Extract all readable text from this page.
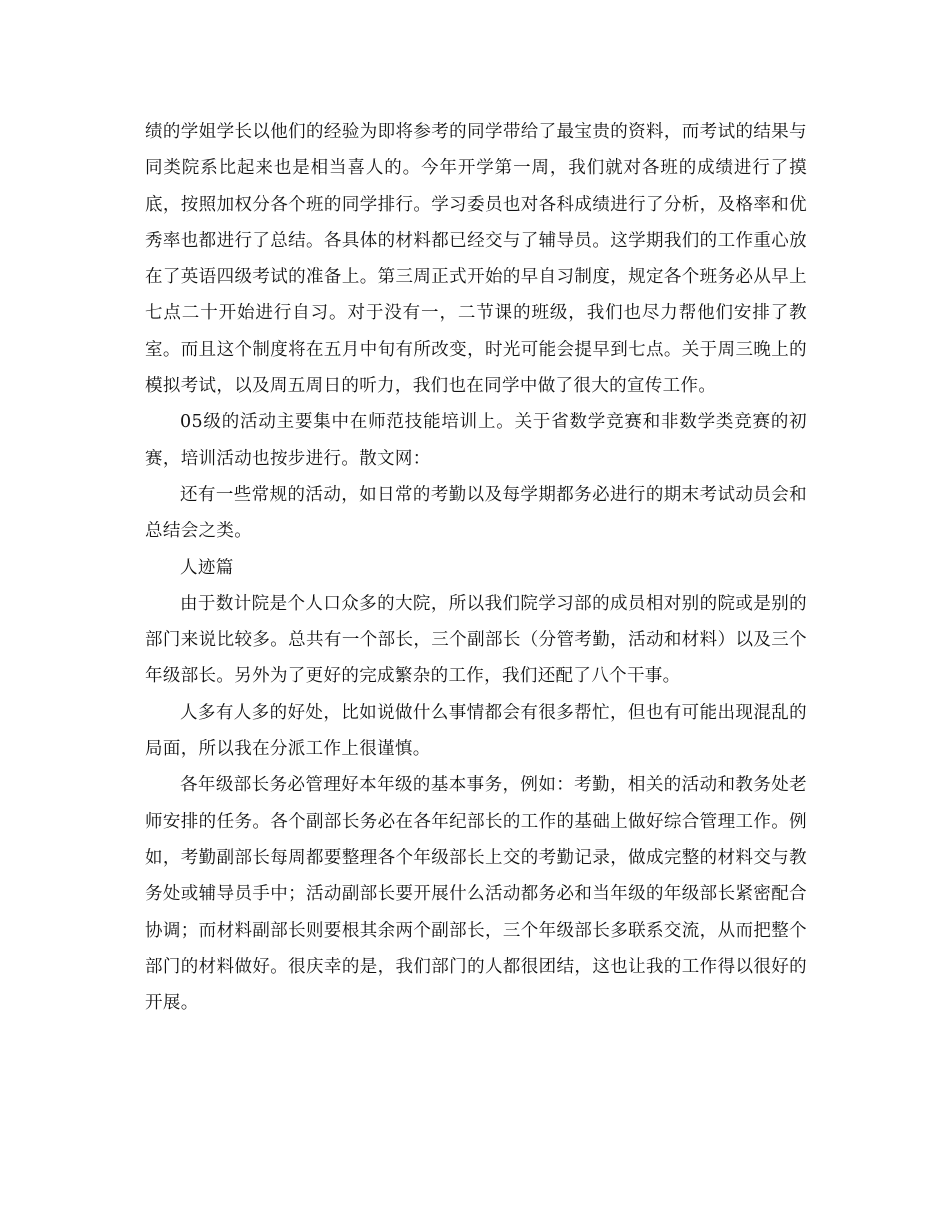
绩的学姐学长以他们的经验为即将参考的同学带给了最宝贵的资料，而考试的结果与同类院系比起来也是相当喜人的。今年开学第一周，我们就对各班的成绩进行了摸底，按照加权分各个班的同学排行。学习委员也对各科成绩进行了分析，及格率和优秀率也都进行了总结。各具体的材料都已经交与了辅导员。这学期我们的工作重心放在了英语四级考试的准备上。第三周正式开始的早自习制度，规定各个班务必从早上七点二十开始进行自习。对于没有一，二节课的班级，我们也尽力帮他们安排了教室。而且这个制度将在五月中旬有所改变，时光可能会提早到七点。关于周三晚上的模拟考试，以及周五周日的听力，我们也在同学中做了很大的宣传工作。

05级的活动主要集中在师范技能培训上。关于省数学竞赛和非数学类竞赛的初赛，培训活动也按步进行。散文网：

还有一些常规的活动，如日常的考勤以及每学期都务必进行的期末考试动员会和总结会之类。

人迹篇

由于数计院是个人口众多的大院，所以我们院学习部的成员相对别的院或是别的部门来说比较多。总共有一个部长，三个副部长（分管考勤，活动和材料）以及三个年级部长。另外为了更好的完成繁杂的工作，我们还配了八个干事。

人多有人多的好处，比如说做什么事情都会有很多帮忙，但也有可能出现混乱的局面，所以我在分派工作上很谨慎。

各年级部长务必管理好本年级的基本事务，例如：考勤，相关的活动和教务处老师安排的任务。各个副部长务必在各年纪部长的工作的基础上做好综合管理工作。例如，考勤副部长每周都要整理各个年级部长上交的考勤记录，做成完整的材料交与教务处或辅导员手中；活动副部长要开展什么活动都务必和当年级的年级部长紧密配合协调；而材料副部长则要根其余两个副部长，三个年级部长多联系交流，从而把整个部门的材料做好。很庆幸的是，我们部门的人都很团结，这也让我的工作得以很好的开展。
